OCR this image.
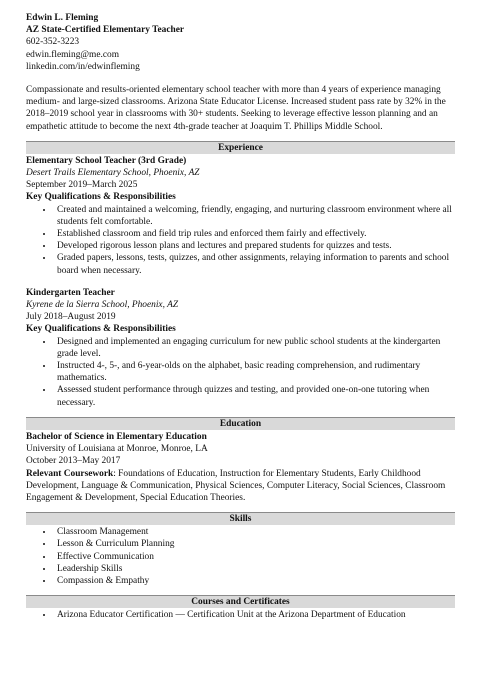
Edwin L. Fleming
AZ State-Certified Elementary Teacher
602-352-3223
edwin.fleming@me.com
linkedin.com/in/edwinfleming
Compassionate and results-oriented elementary school teacher with more than 4 years of experience managing medium- and large-sized classrooms. Arizona State Educator License. Increased student pass rate by 32% in the 2018–2019 school year in classrooms with 30+ students. Seeking to leverage effective lesson planning and an empathetic attitude to become the next 4th-grade teacher at Joaquim T. Phillips Middle School.
Experience
Elementary School Teacher (3rd Grade)
Desert Trails Elementary School, Phoenix, AZ
September 2019–March 2025
Key Qualifications & Responsibilities
• Created and maintained a welcoming, friendly, engaging, and nurturing classroom environment where all students felt comfortable.
• Established classroom and field trip rules and enforced them fairly and effectively.
• Developed rigorous lesson plans and lectures and prepared students for quizzes and tests.
• Graded papers, lessons, tests, quizzes, and other assignments, relaying information to parents and school board when necessary.
Kindergarten Teacher
Kyrene de la Sierra School, Phoenix, AZ
July 2018–August 2019
Key Qualifications & Responsibilities
• Designed and implemented an engaging curriculum for new public school students at the kindergarten grade level.
• Instructed 4-, 5-, and 6-year-olds on the alphabet, basic reading comprehension, and rudimentary mathematics.
• Assessed student performance through quizzes and testing, and provided one-on-one tutoring when necessary.
Education
Bachelor of Science in Elementary Education
University of Louisiana at Monroe, Monroe, LA
October 2013–May 2017
Relevant Coursework: Foundations of Education, Instruction for Elementary Students, Early Childhood Development, Language & Communication, Physical Sciences, Computer Literacy, Social Sciences, Classroom Engagement & Development, Special Education Theories.
Skills
• Classroom Management
• Lesson & Curriculum Planning
• Effective Communication
• Leadership Skills
• Compassion & Empathy
Courses and Certificates
• Arizona Educator Certification — Certification Unit at the Arizona Department of Education
